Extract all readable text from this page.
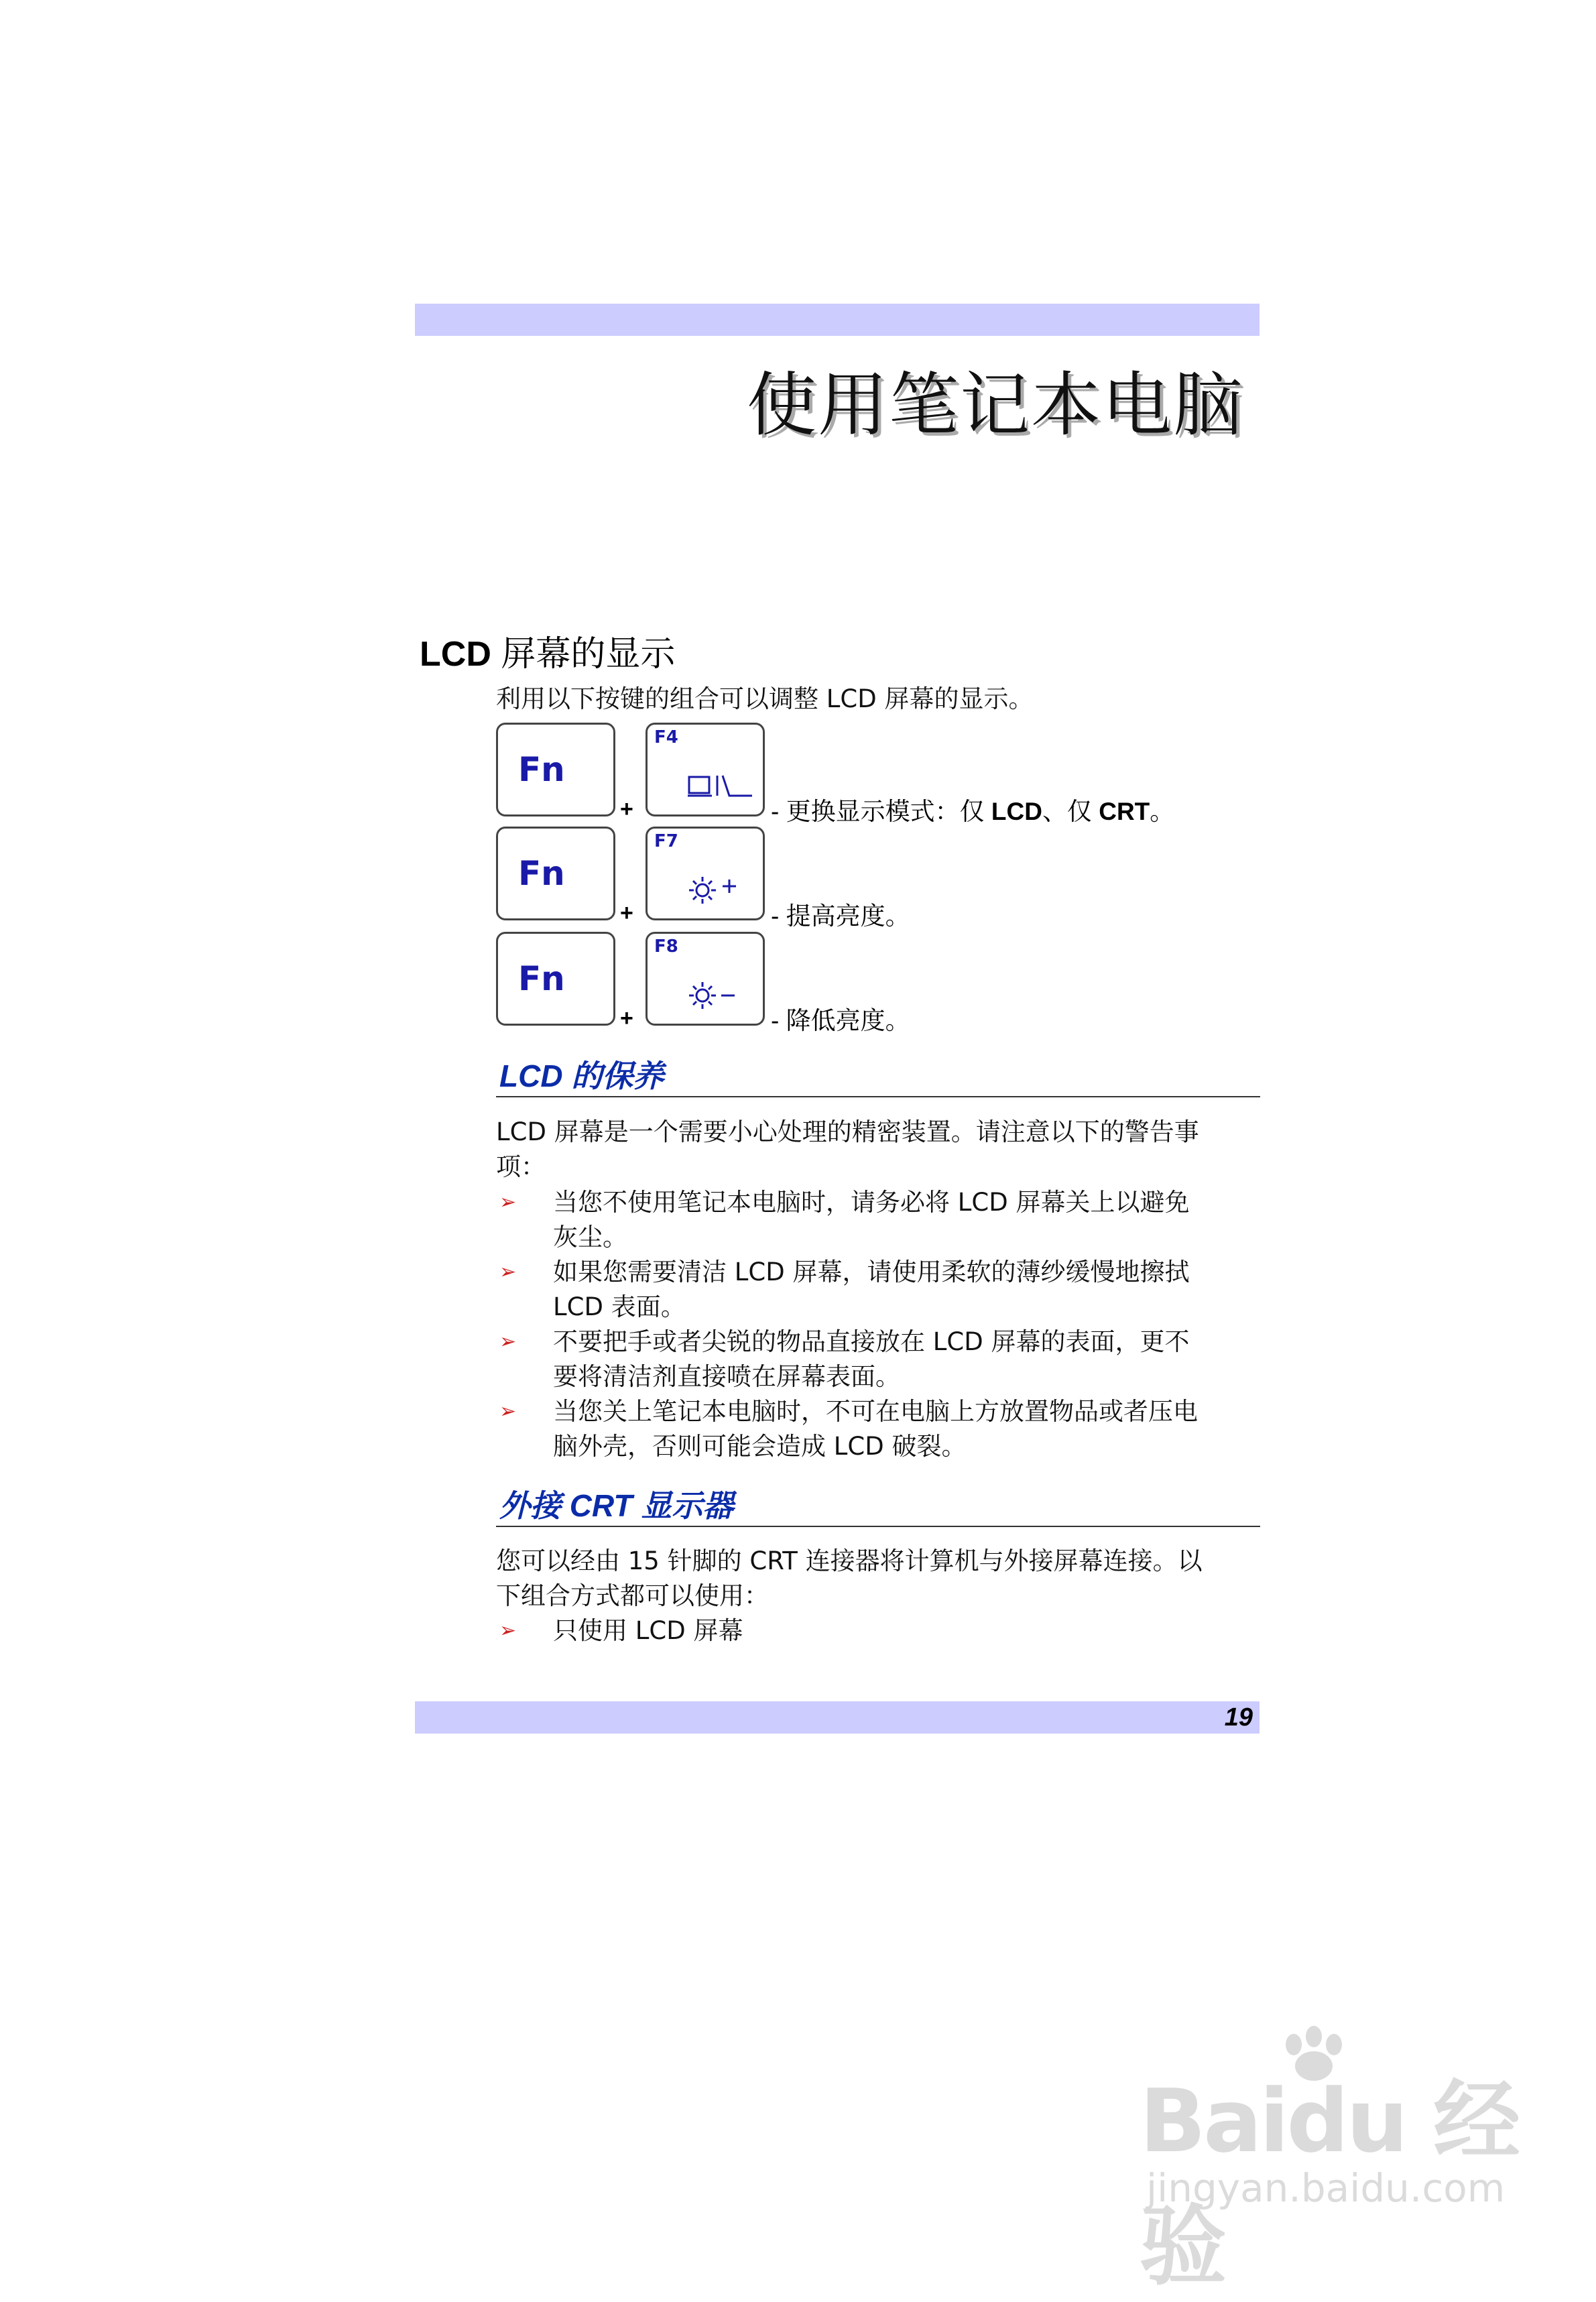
使用笔记本电脑
LCD 屏幕的显示
利用以下按键的组合可以调整 LCD 屏幕的显示。
Fn
+
F4
- 更换显示模式：仅 LCD、仅 CRT。
Fn
+
F7
- 提高亮度。
Fn
+
F8
- 降低亮度。
LCD 的保养
LCD 屏幕是一个需要小心处理的精密装置。请注意以下的警告事
项：
➢ 当您不使用笔记本电脑时，请务必将 LCD 屏幕关上以避免
灰尘。
➢ 如果您需要清洁 LCD 屏幕，请使用柔软的薄纱缓慢地擦拭
LCD 表面。
➢ 不要把手或者尖锐的物品直接放在 LCD 屏幕的表面，更不
要将清洁剂直接喷在屏幕表面。
➢ 当您关上笔记本电脑时，不可在电脑上方放置物品或者压电
脑外壳，否则可能会造成 LCD 破裂。
外接 CRT 显示器
您可以经由 15 针脚的 CRT 连接器将计算机与外接屏幕连接。以
下组合方式都可以使用：
➢ 只使用 LCD 屏幕
19
Baidu 经验
jingyan.baidu.com
